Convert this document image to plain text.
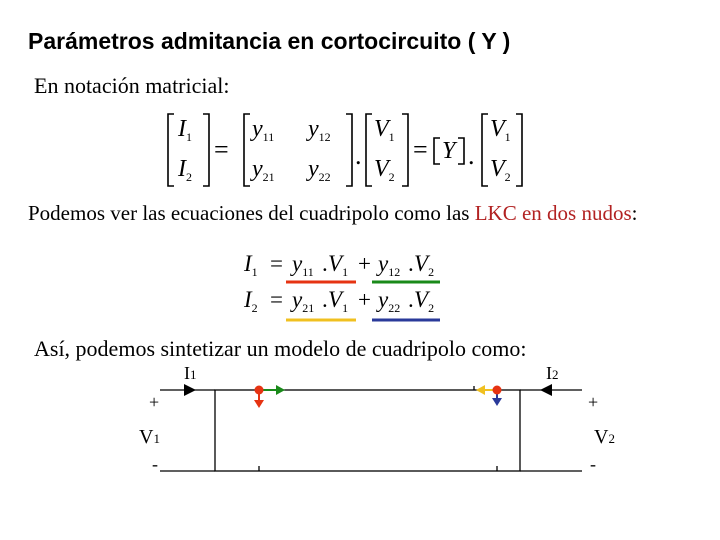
Parámetros admitancia en cortocircuito ( Y )
En notación matricial:
$I_1$
$I_2$
$y_{11}$ $y_{12}$
$y_{21}$ $y_{22}$
$V_1$
$V_2$
Y
$V_1$
$V_2$
=	. = .
Podemos ver las ecuaciones del cuadripolo como las LKC en dos nudos:
$I_1 = y_{11}$ . $V_1 + y_{12}$ . $V_2$
$I_2 = y_{21}$ . $V_1 + y_{22}$ . $V_2$
Así, podemos sintetizar un modelo de cuadripolo como:
I1	I2
V1	V2
+	+
-	-
